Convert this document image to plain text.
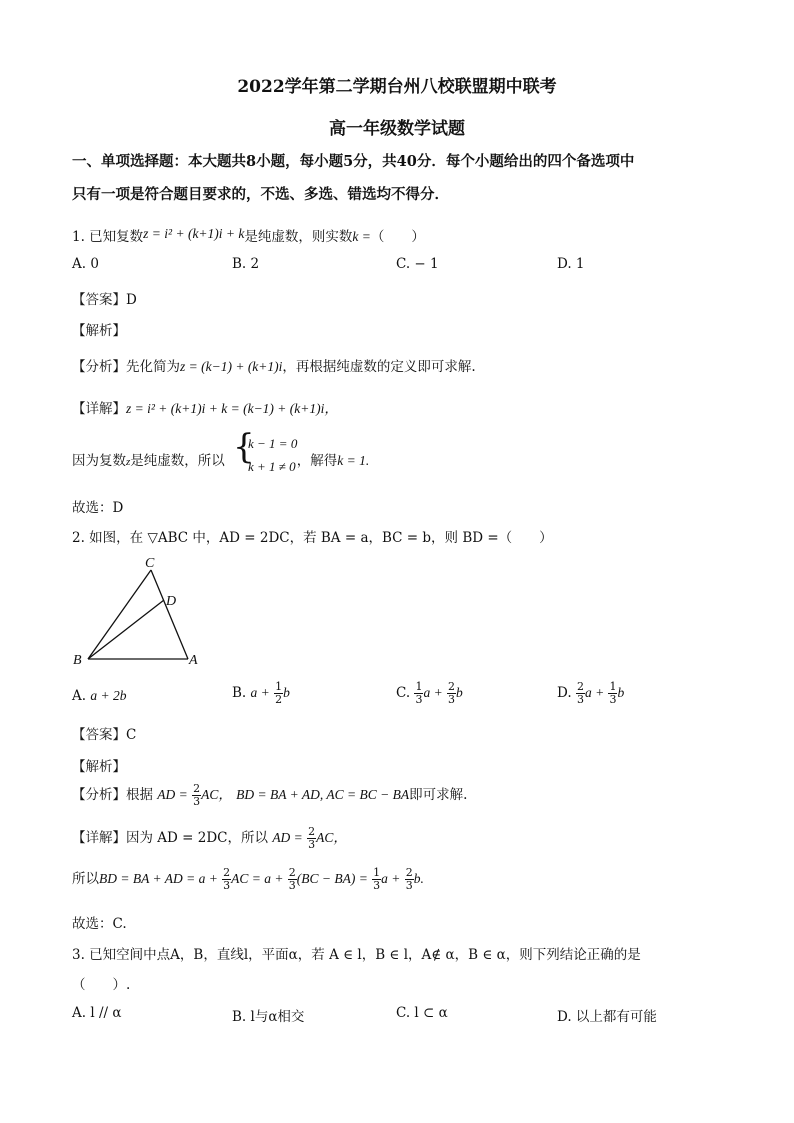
2022学年第二学期台州八校联盟期中联考
高一年级数学试题
一、单项选择题：本大题共8小题，每小题5分，共40分．每个小题给出的四个备选项中
只有一项是符合题目要求的，不选、多选、错选均不得分．
1. 已知复数z = i² + (k+1)i + k是纯虚数，则实数k =（　　）
A. 0	B. 2	C. − 1	D. 1
【答案】D
【解析】
【分析】先化简为z = (k−1) + (k+1)i，再根据纯虚数的定义即可求解.
【详解】z = i² + (k+1)i + k = (k−1) + (k+1)i，
因为复数z是纯虚数，所以	，解得k = 1.
{
k − 1 = 0
k + 1 ≠ 0
故选：D
2. 如图，在 ▽ABC 中，AD = 2DC，若 BA = a，BC = b，则 BD =（　　）
C
D
B	A
A. a + 2b	B. $a + \frac{1}{2}$ b	C. $\frac{1}{3}$ $a + \frac{2}{3}$ b	D. $\frac{2}{3}$ $a + \frac{1}{3}$ b
【答案】C
【解析】
【分析】根据 AD = $\frac{2}{3}$ AC， BD = BA + AD, AC = BC − BA即可求解.
【详解】因为 AD = 2DC，所以 AD = $\frac{2}{3}$ AC，
所以BD = BA + AD = $a + \frac{2}{3}$ AC = $a + \frac{2}{3} (BC - BA) = \frac{1}{3}$ $a + \frac{2}{3} b$.
故选：C.
3. 已知空间中点A，B，直线l，平面α，若 A ∈ l，B ∈ l，A∉ α，B ∈ α，则下列结论正确的是
（　　）.
A. l // α	B. l与α相交	C. l ⊂ α	D. 以上都有可能
